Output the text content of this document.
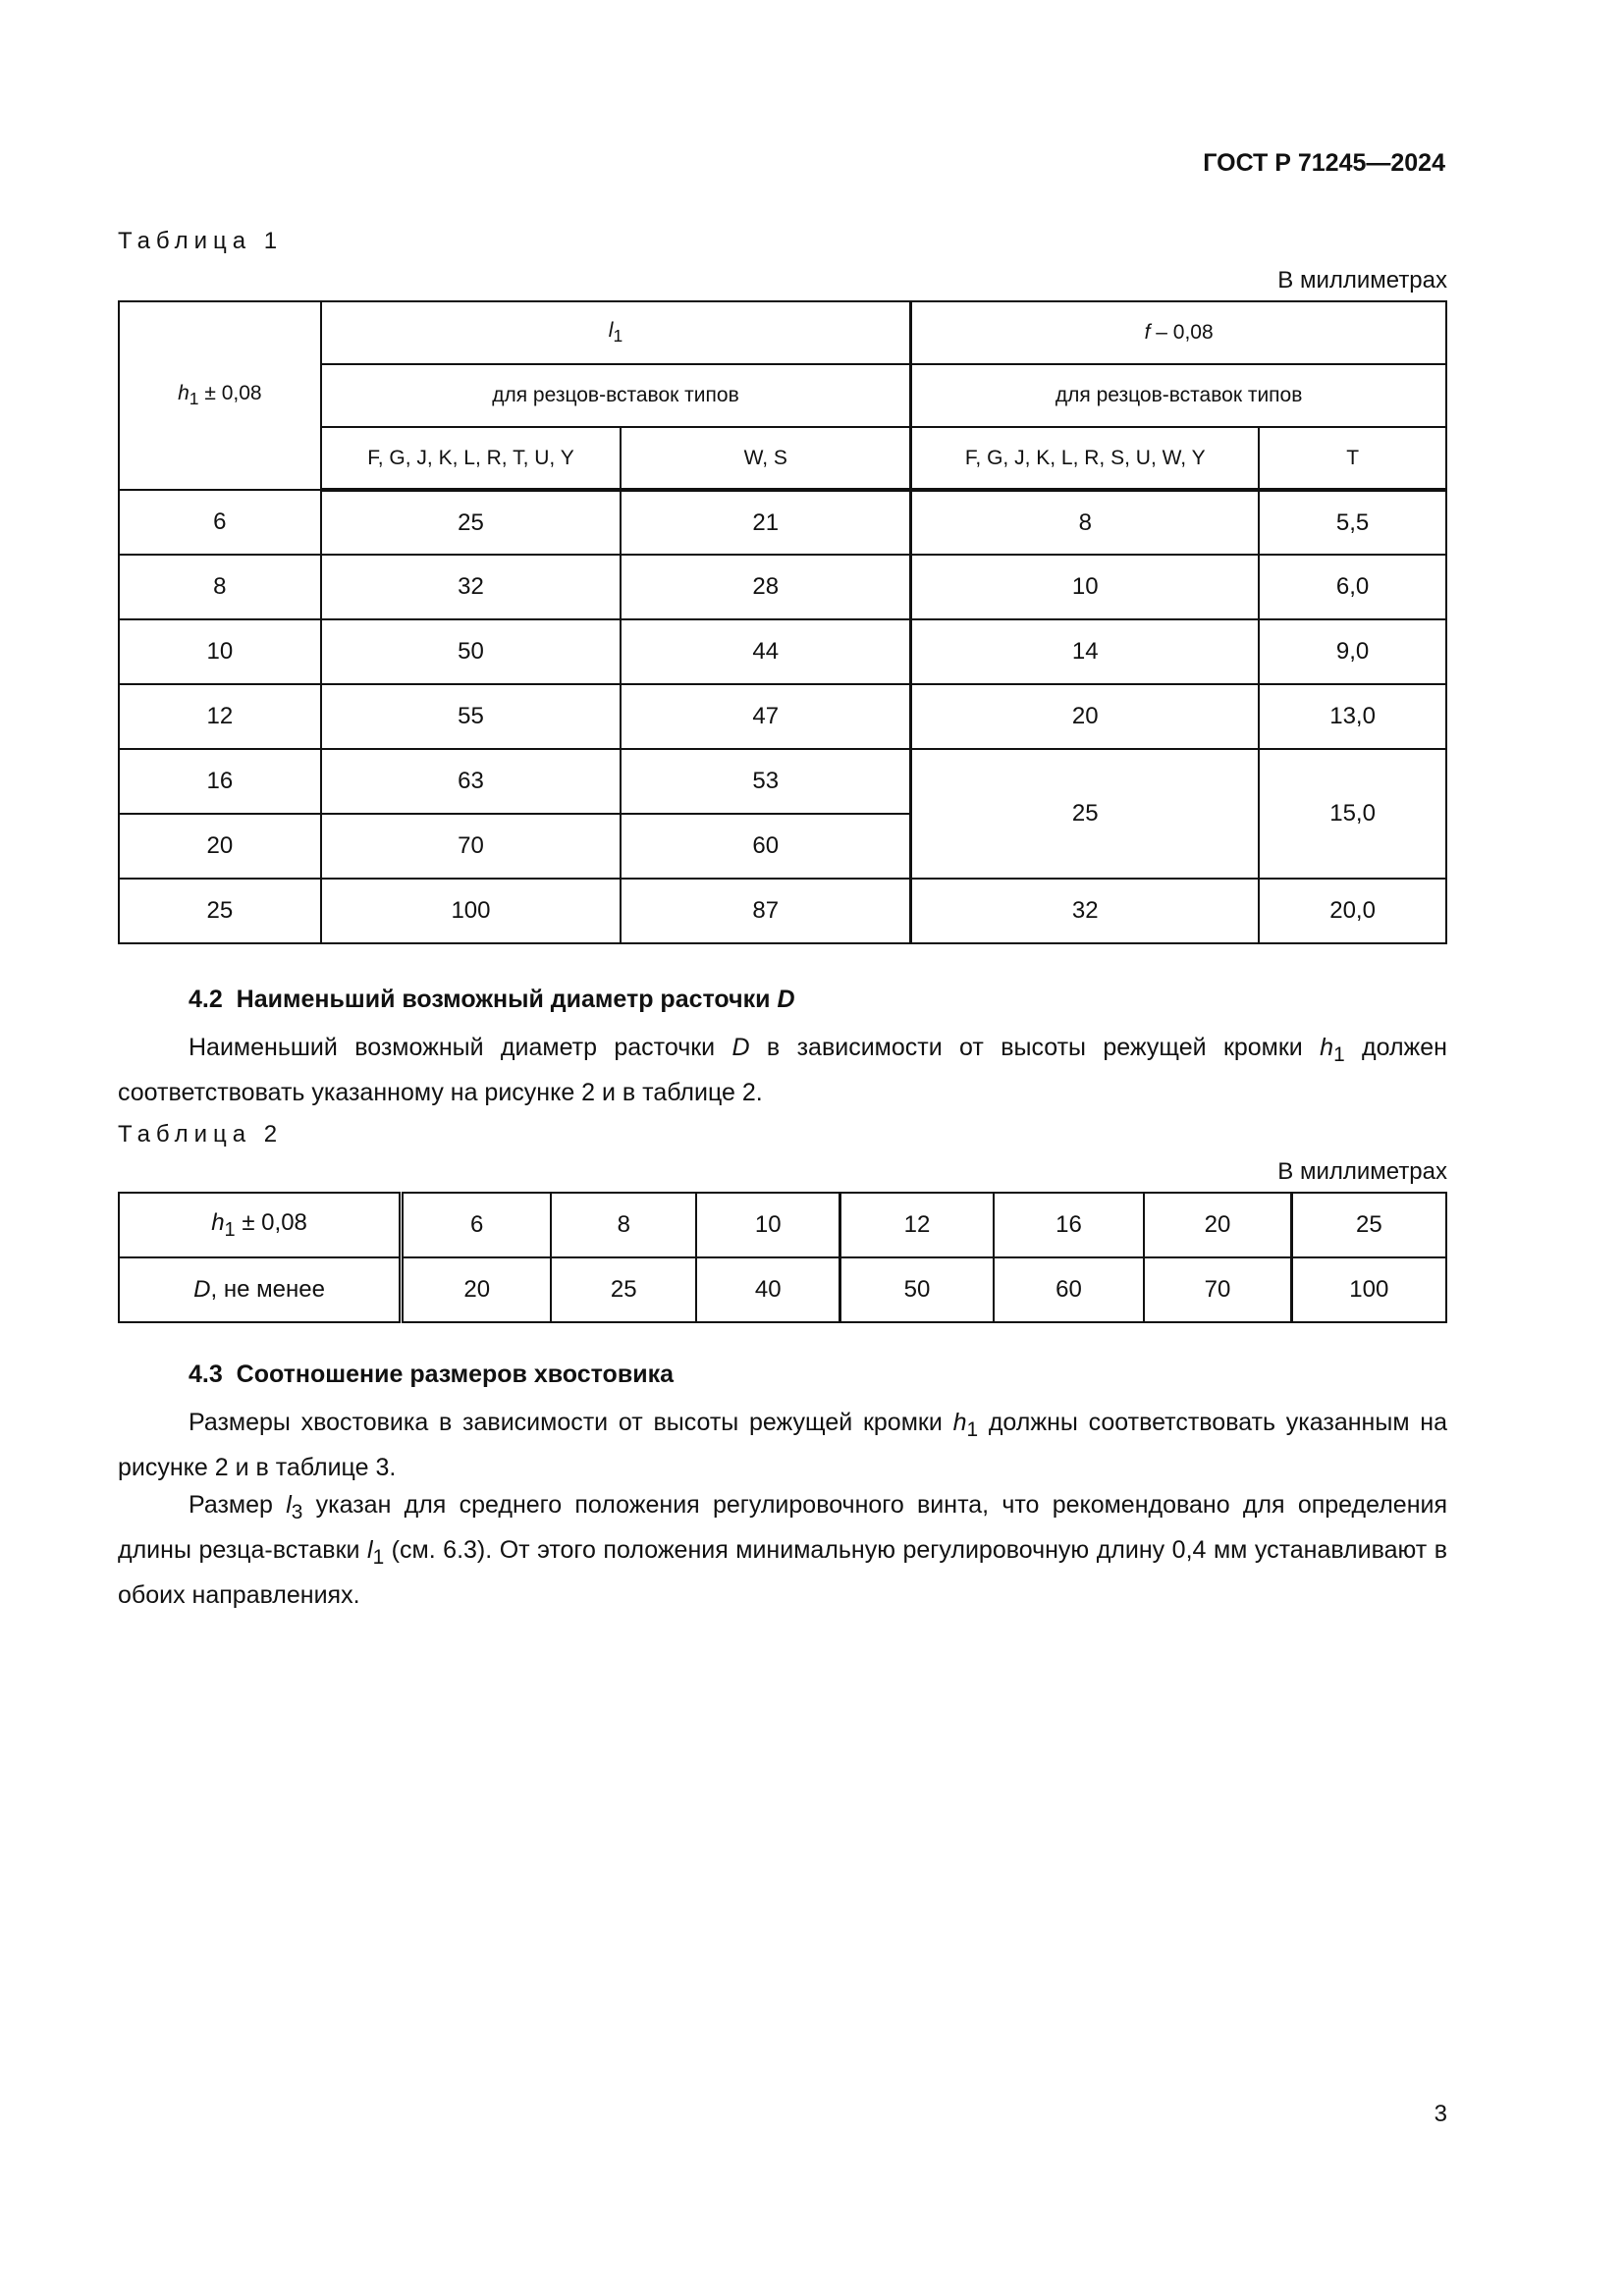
ГОСТ Р 71245—2024
Таблица 1
В миллиметрах
$h_1 \pm 0,08$	$l_1$		f – 0,08	
	для резцов-вставок типов		для резцов-вставок типов	
	F, G, J, K, L, R, T, U, Y	W, S	F, G, J, K, L, R, S, U, W, Y	T
6	25	21	8	5,5
8	32	28	10	6,0
10	50	44	14	9,0
12	55	47	20	13,0
16	63	53	25	15,0
20	70	60		
25	100	87	32	20,0
4.2 Наименьший возможный диаметр расточки D
Наименьший возможный диаметр расточки D в зависимости от высоты режущей кромки $h_1$ должен соответствовать указанному на рисунке 2 и в таблице 2.
Таблица 2
В миллиметрах
$h_1 \pm 0,08$	6	8	10	12	16	20	25
D, не менее	20	25	40	50	60	70	100
4.3 Соотношение размеров хвостовика
Размеры хвостовика в зависимости от высоты режущей кромки $h_1$ должны соответствовать указанным на рисунке 2 и в таблице 3.
Размер $l_3$ указан для среднего положения регулировочного винта, что рекомендовано для определения длины резца-вставки $l_1$ (см. 6.3). От этого положения минимальную регулировочную длину 0,4 мм устанавливают в обоих направлениях.
3
